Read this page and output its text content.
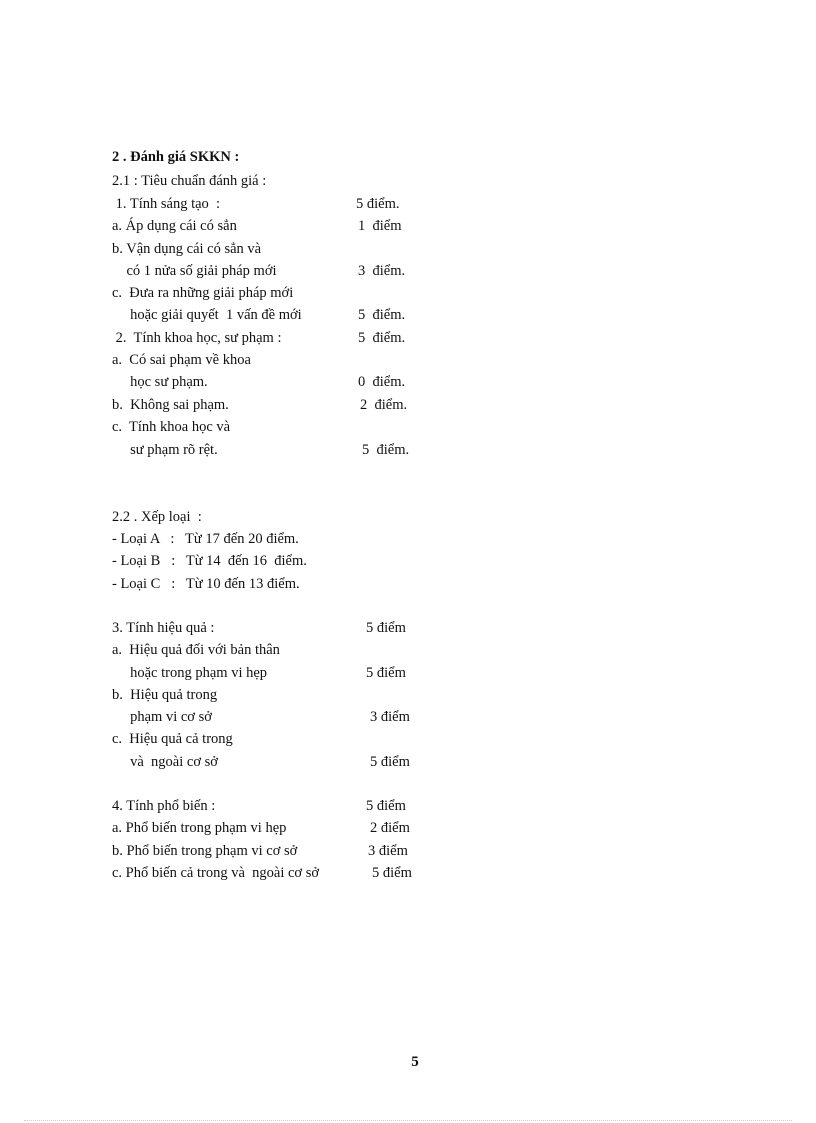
2 . Đánh giá SKKN :
2.1 : Tiêu chuẩn đánh giá :
1. Tính sáng tạo  :	5 điểm.
a. Áp dụng cái có sẳn	1  điểm
b. Vận dụng cái có sẳn và
có 1 nửa số giải pháp mới	3  điểm.
c.  Đưa ra những giải pháp mới
hoặc giải quyết  1 vấn đề mới	5  điểm.
2.  Tính khoa học, sư phạm :	5  điểm.
a.  Có sai phạm về khoa
học sư phạm.	0  điểm.
b.  Không sai phạm.	2  điểm.
c.  Tính khoa học và
sư phạm rõ rệt.	5  điểm.
2.2 . Xếp loại  :
- Loại A   :   Từ 17 đến 20 điểm.
- Loại B   :   Từ 14  đến 16  điểm.
- Loại C   :   Từ 10 đến 13 điểm.
3. Tính hiệu quả :	5 điểm
a.  Hiệu quả đối với bản thân
hoặc trong phạm vi hẹp	5 điểm
b.  Hiệu quả trong
phạm vi cơ sở	3 điểm
c.  Hiệu quả cả trong
và  ngoài cơ sở	5 điểm
4. Tính phổ biến :	5 điểm
a. Phổ biến trong phạm vi hẹp	2 điểm
b. Phổ biến trong phạm vi cơ sở	3 điểm
c. Phổ biến cả trong và  ngoài cơ sở	5 điểm
5
